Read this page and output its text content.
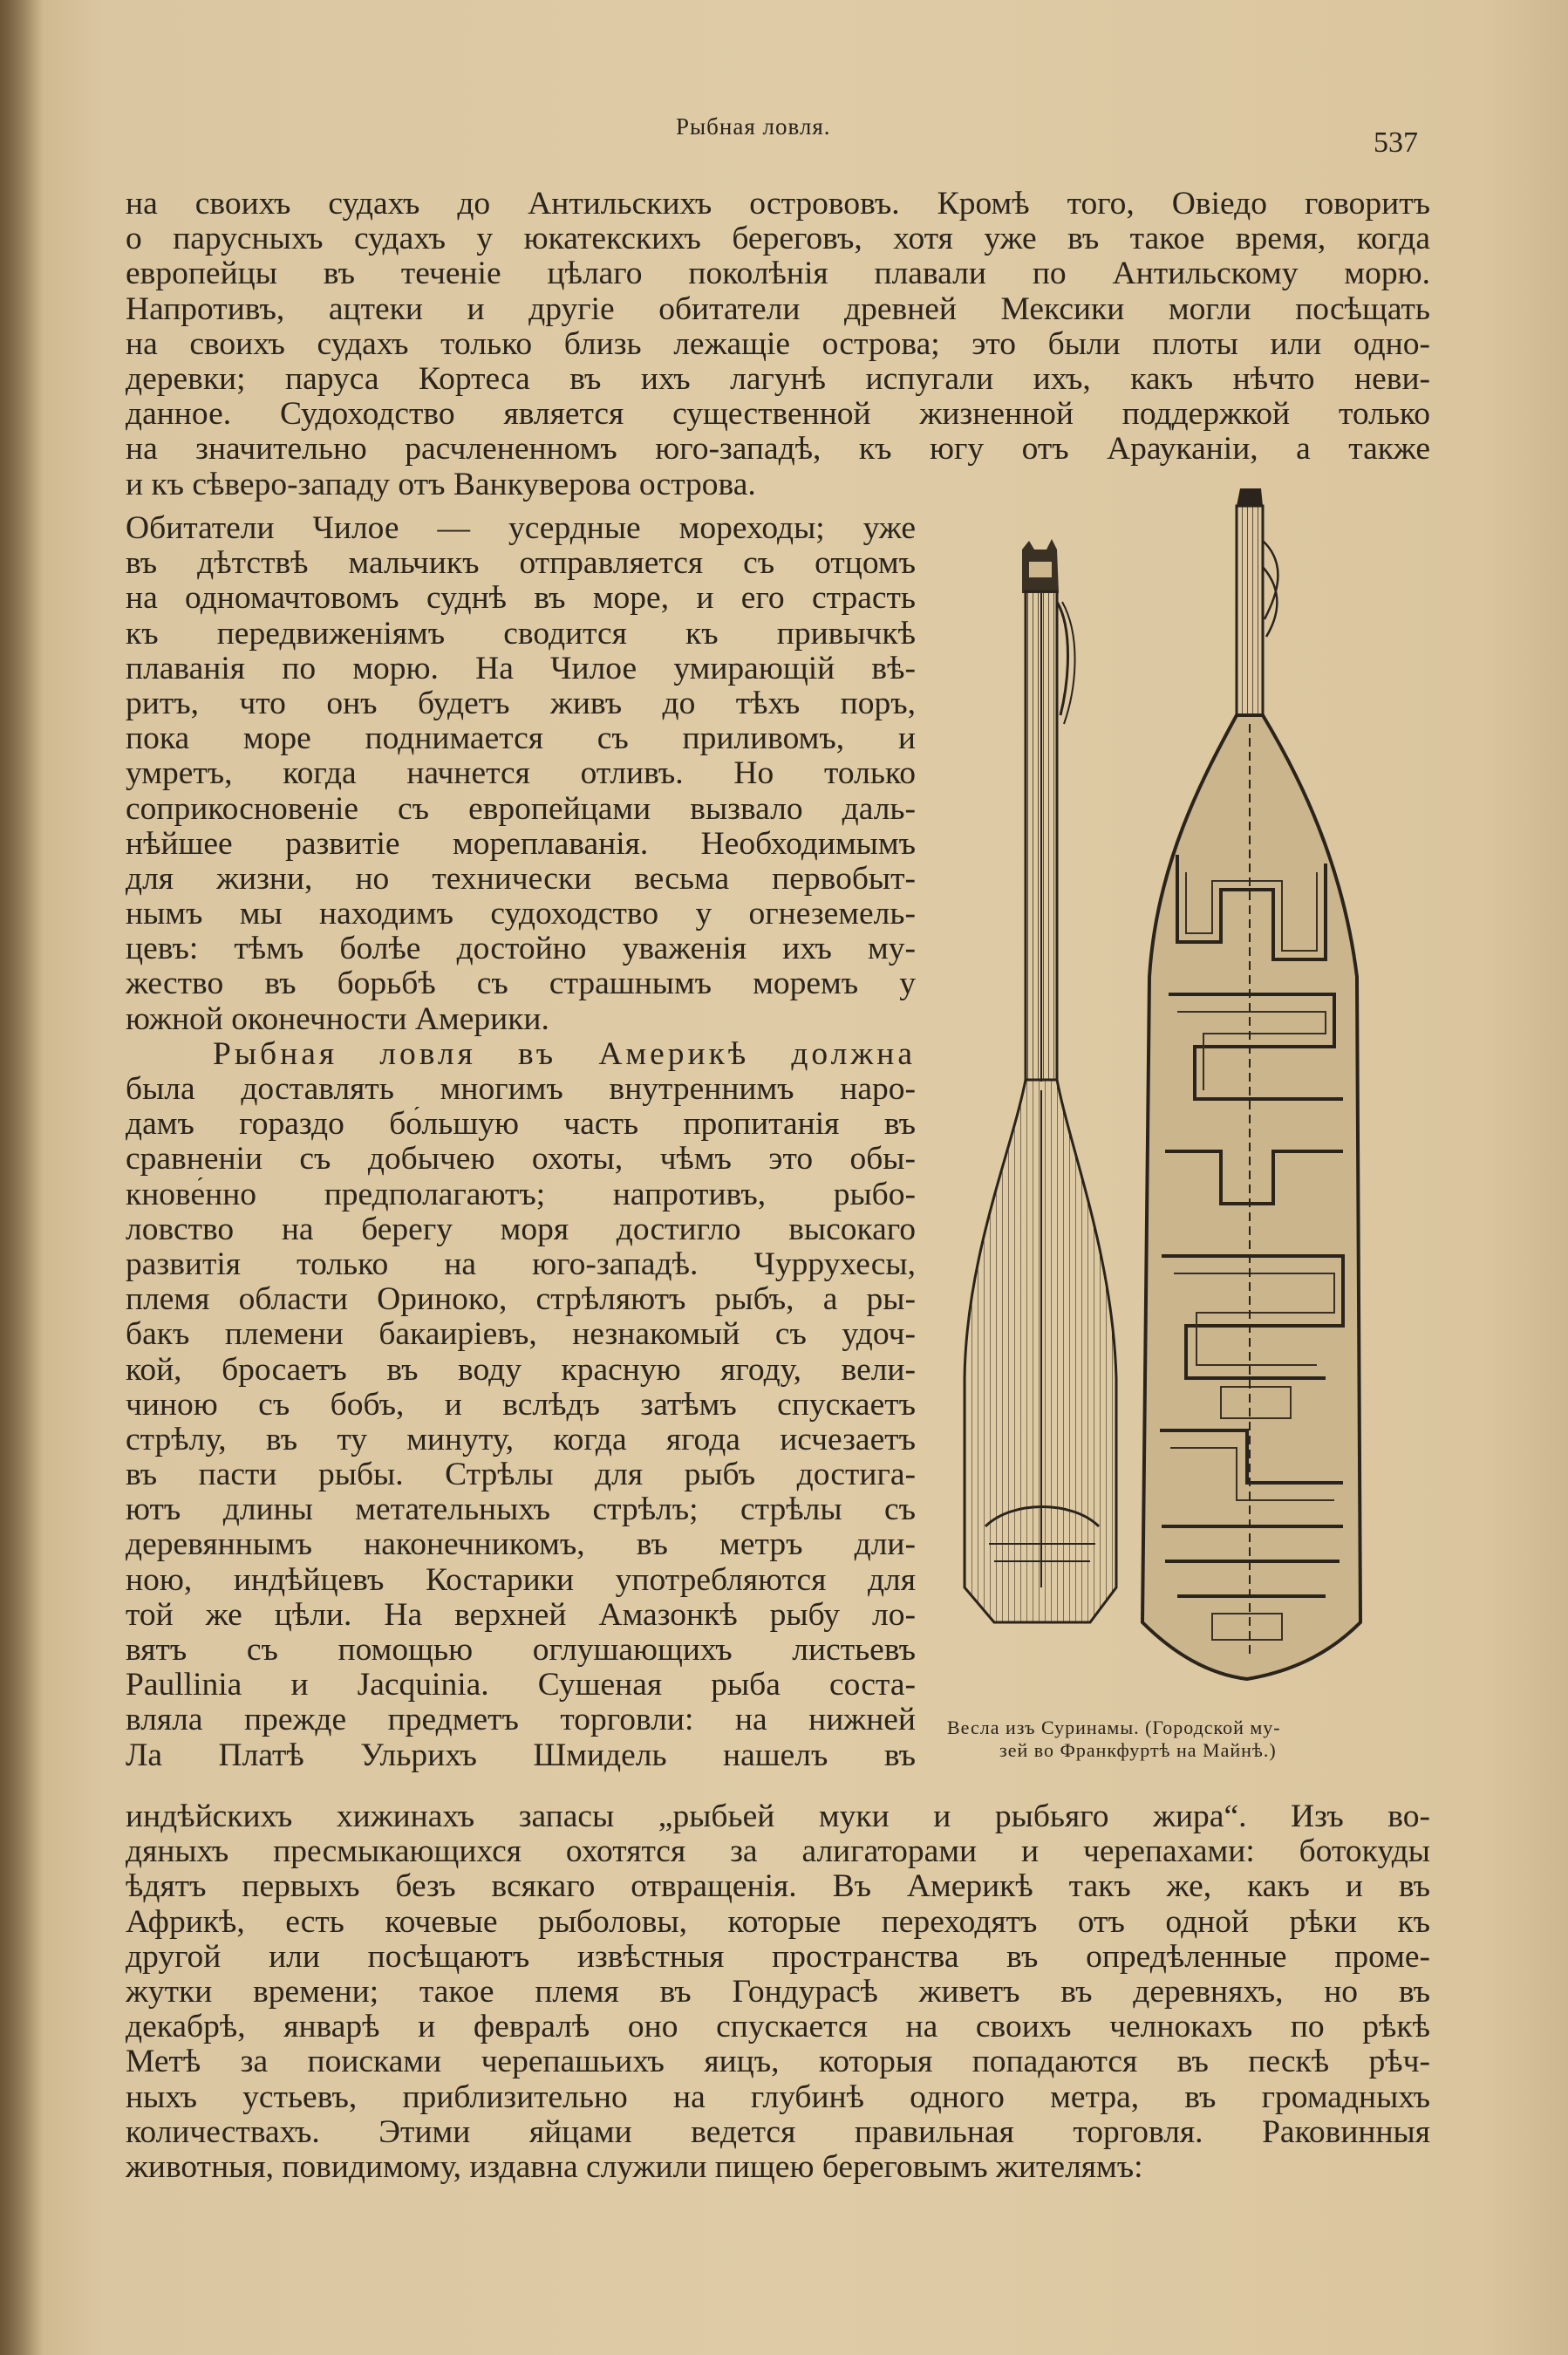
Рыбная ловля.	537
на своихъ судахъ до Антильскихъ острововъ. Кромѣ того, Овіедо говоритъ
о парусныхъ судахъ у юкатекскихъ береговъ, хотя уже въ такое время, когда
европейцы въ теченіе цѣлаго поколѣнія плавали по Антильскому морю.
Напротивъ, ацтеки и другіе обитатели древней Мексики могли посѣщать
на своихъ судахъ только близь лежащіе острова; это были плоты или одно-
деревки; паруса Кортеса въ ихъ лагунѣ испугали ихъ, какъ нѣчто неви-
данное. Судоходство является существенной жизненной поддержкой только
на значительно расчлененномъ юго-западѣ, къ югу отъ Арауканіи, а также
и къ сѣверо-западу отъ Ванкуверова острова.
Обитатели Чилое — усердные мореходы; уже
въ дѣтствѣ мальчикъ отправляется съ отцомъ
на одномачтовомъ суднѣ въ море, и его страсть
къ передвиженіямъ сводится къ привычкѣ
плаванія по морю. На Чилое умирающій вѣ-
ритъ, что онъ будетъ живъ до тѣхъ поръ,
пока море поднимается съ приливомъ, и
умретъ, когда начнется отливъ. Но только
соприкосновеніе съ европейцами вызвало даль-
нѣйшее развитіе мореплаванія. Необходимымъ
для жизни, но технически весьма первобыт-
нымъ мы находимъ судоходство у огнеземель-
цевъ: тѣмъ болѣе достойно уваженія ихъ му-
жество въ борьбѣ съ страшнымъ моремъ у
южной оконечности Америки.
Рыбная ловля въ Америкѣ должна
была доставлять многимъ внутреннимъ наро-
дамъ гораздо бо́льшую часть пропитанія въ
сравненіи съ добычею охоты, чѣмъ это обы-
кнове́нно предполагаютъ; напротивъ, рыбо-
ловство на берегу моря достигло высокаго
развитія только на юго-западѣ. Чуррухесы,
племя области Ориноко, стрѣляютъ рыбъ, а ры-
бакъ племени бакаиріевъ, незнакомый съ удоч-
кой, бросаетъ въ воду красную ягоду, вели-
чиною съ бобъ, и вслѣдъ затѣмъ спускаетъ
стрѣлу, въ ту минуту, когда ягода исчезаетъ
въ пасти рыбы. Стрѣлы для рыбъ достига-
ютъ длины метательныхъ стрѣлъ; стрѣлы съ
деревяннымъ наконечникомъ, въ метръ дли-
ною, индѣйцевъ Костарики употребляются для
той же цѣли. На верхней Амазонкѣ рыбу ло-
вятъ съ помощью оглушающихъ листьевъ
Paullinia и Jacquinia. Сушеная рыба соста-
вляла прежде предметъ торговли: на нижней
Ла Платѣ Ульрихъ Шмидель нашелъ въ
индѣйскихъ хижинахъ запасы „рыбьей муки и рыбьяго жира“. Изъ во-
дяныхъ пресмыкающихся охотятся за алигаторами и черепахами: ботокуды
ѣдятъ первыхъ безъ всякаго отвращенія. Въ Америкѣ такъ же, какъ и въ
Африкѣ, есть кочевые рыболовы, которые переходятъ отъ одной рѣки къ
другой или посѣщаютъ извѣстныя пространства въ опредѣленные проме-
жутки времени; такое племя въ Гондурасѣ живетъ въ деревняхъ, но въ
декабрѣ, январѣ и февралѣ оно спускается на своихъ челнокахъ по рѣкѣ
Метѣ за поисками черепашьихъ яицъ, которыя попадаются въ пескѣ рѣч-
ныхъ устьевъ, приблизительно на глубинѣ одного метра, въ громадныхъ
количествахъ. Этими яйцами ведется правильная торговля. Раковинныя
животныя, повидимому, издавна служили пищею береговымъ жителямъ:
Весла изъ Суринамы. (Городской му-
зей во Франкфуртѣ на Майнѣ.)
